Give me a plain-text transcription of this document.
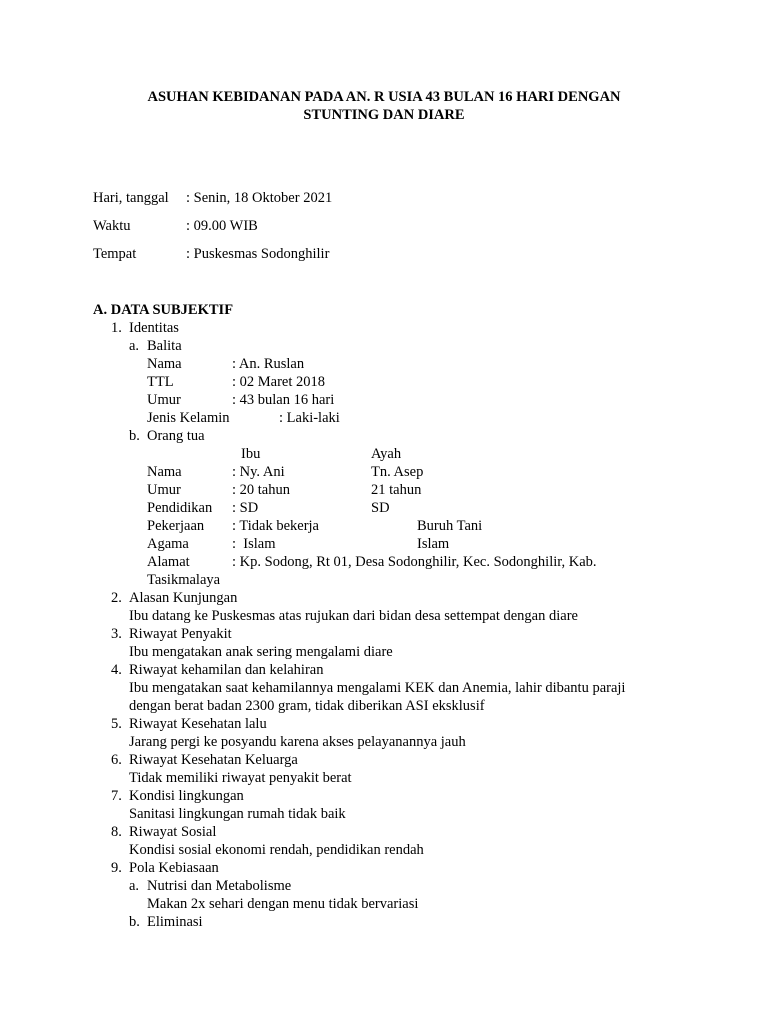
ASUHAN KEBIDANAN PADA AN. R USIA 43 BULAN 16 HARI DENGAN
STUNTING DAN DIARE
Hari, tanggal : Senin, 18 Oktober 2021
Waktu	: 09.00 WIB
Tempat	: Puskesmas Sodonghilir
A. DATA SUBJEKTIF
1. Identitas
a. Balita
Nama	: An. Ruslan
TTL	: 02 Maret 2018
Umur	: 43 bulan 16 hari
Jenis Kelamin	: Laki-laki
b. Orang tua
Ibu	Ayah
Nama	: Ny. Ani	Tn. Asep
Umur	: 20 tahun	21 tahun
Pendidikan : SD	SD
Pekerjaan : Tidak bekerja	Buruh Tani
Agama	:  Islam	Islam
Alamat	: Kp. Sodong, Rt 01, Desa Sodonghilir, Kec. Sodonghilir, Kab.
Tasikmalaya
2. Alasan Kunjungan
Ibu datang ke Puskesmas atas rujukan dari bidan desa settempat dengan diare
3. Riwayat Penyakit
Ibu mengatakan anak sering mengalami diare
4. Riwayat kehamilan dan kelahiran
Ibu mengatakan saat kehamilannya mengalami KEK dan Anemia, lahir dibantu paraji
dengan berat badan 2300 gram, tidak diberikan ASI eksklusif
5. Riwayat Kesehatan lalu
Jarang pergi ke posyandu karena akses pelayanannya jauh
6. Riwayat Kesehatan Keluarga
Tidak memiliki riwayat penyakit berat
7. Kondisi lingkungan
Sanitasi lingkungan rumah tidak baik
8. Riwayat Sosial
Kondisi sosial ekonomi rendah, pendidikan rendah
9. Pola Kebiasaan
a. Nutrisi dan Metabolisme
Makan 2x sehari dengan menu tidak bervariasi
b. Eliminasi
